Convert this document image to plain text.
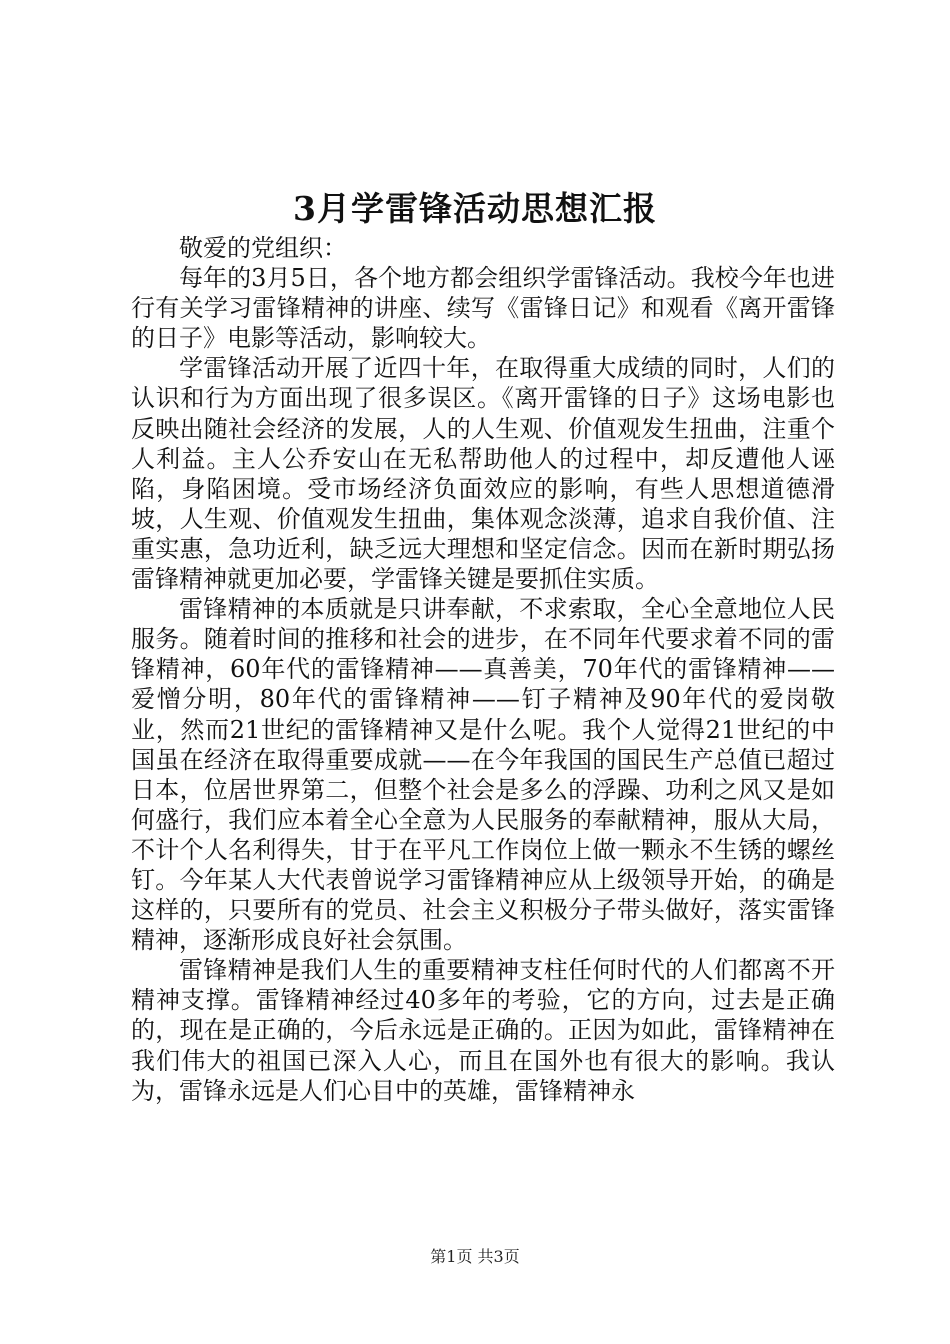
3月学雷锋活动思想汇报

敬爱的党组织：

每年的3月5日，各个地方都会组织学雷锋活动。我校今年也进行有关学习雷锋精神的讲座、续写《雷锋日记》和观看《离开雷锋的日子》电影等活动，影响较大。

学雷锋活动开展了近四十年，在取得重大成绩的同时，人们的认识和行为方面出现了很多误区。《离开雷锋的日子》这场电影也反映出随社会经济的发展，人的人生观、价值观发生扭曲，注重个人利益。主人公乔安山在无私帮助他人的过程中，却反遭他人诬陷，身陷困境。受市场经济负面效应的影响，有些人思想道德滑坡，人生观、价值观发生扭曲，集体观念淡薄，追求自我价值、注重实惠，急功近利，缺乏远大理想和坚定信念。因而在新时期弘扬雷锋精神就更加必要，学雷锋关键是要抓住实质。

雷锋精神的本质就是只讲奉献，不求索取，全心全意地位人民服务。随着时间的推移和社会的进步，在不同年代要求着不同的雷锋精神，60年代的雷锋精神——真善美，70年代的雷锋精神——爱憎分明，80年代的雷锋精神——钉子精神及90年代的爱岗敬业，然而21世纪的雷锋精神又是什么呢。我个人觉得21世纪的中国虽在经济在取得重要成就——在今年我国的国民生产总值已超过日本，位居世界第二，但整个社会是多么的浮躁、功利之风又是如何盛行，我们应本着全心全意为人民服务的奉献精神，服从大局，不计个人名利得失，甘于在平凡工作岗位上做一颗永不生锈的螺丝钉。今年某人大代表曾说学习雷锋精神应从上级领导开始，的确是这样的，只要所有的党员、社会主义积极分子带头做好，落实雷锋精神，逐渐形成良好社会氛围。

雷锋精神是我们人生的重要精神支柱任何时代的人们都离不开精神支撑。雷锋精神经过40多年的考验，它的方向，过去是正确的，现在是正确的，今后永远是正确的。正因为如此，雷锋精神在我们伟大的祖国已深入人心，而且在国外也有很大的影响。我认为，雷锋永远是人们心目中的英雄，雷锋精神永

第1页 共3页
